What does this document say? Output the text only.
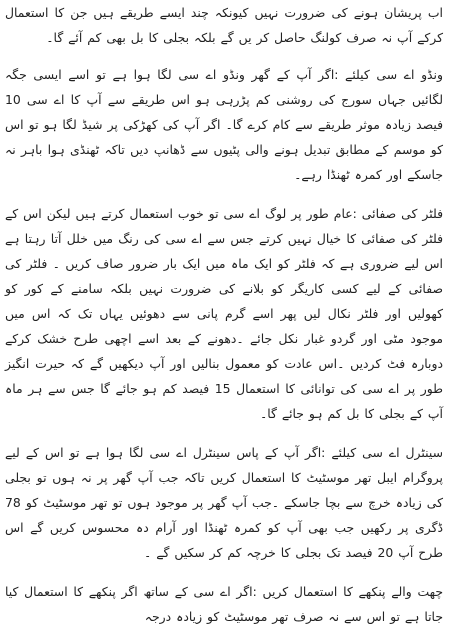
اب پریشان ہونے کی ضرورت نہیں کیونکہ چند ایسے طریقے ہیں جن کا استعمال کرکے آپ نہ صرف کولنگ حاصل کر یں گے بلکہ بجلی کا بل بھی کم آئے گا۔

ونڈو اے سی کیلئے :اگر آپ کے گھر ونڈو اے سی لگا ہوا ہے تو اسے ایسی جگہ لگائیں جہاں سورج کی روشنی کم پڑرہی ہو اس طریقے سے آپ کا اے سی 10 فیصد زیادہ موثر طریقے سے کام کرے گا۔ اگر آپ کی کھڑکی پر شیڈ لگا ہو تو اس کو موسم کے مطابق تبدیل ہونے والی پٹیوں سے ڈھانپ دیں تاکہ ٹھنڈی ہوا باہر نہ جاسکے اور کمرہ ٹھنڈا رہے۔

فلٹر کی صفائی :عام طور پر لوگ اے سی تو خوب استعمال کرتے ہیں لیکن اس کے فلٹر کی صفائی کا خیال نہیں کرتے جس سے اے سی کی رنگ میں خلل آتا رہتا ہے اس لیے ضروری ہے کہ فلٹر کو ایک ماہ میں ایک بار ضرور صاف کریں ۔ فلٹر کی صفائی کے لیے کسی کاریگر کو بلانے کی ضرورت نہیں بلکہ سامنے کے کور کو کھولیں اور فلٹر نکال لیں پھر اسے گرم پانی سے دھوئیں یہاں تک کہ اس میں موجود مٹی اور گردو غبار نکل جائے ۔دھونے کے بعد اسے اچھی طرح خشک کرکے دوبارہ فٹ کردیں ۔اس عادت کو معمول بنالیں اور آپ دیکھیں گے کہ حیرت انگیز طور پر اے سی کی توانائی کا استعمال 15 فیصد کم ہو جائے گا جس سے ہر ماہ آپ کے بجلی کا بل کم ہو جائے گا۔

سینٹرل اے سی کیلئے :اگر آپ کے پاس سینٹرل اے سی لگا ہوا ہے تو اس کے لیے پروگرام ایبل تھر موسٹیٹ کا استعمال کریں تاکہ جب آپ گھر پر نہ ہوں تو بجلی کی زیادہ خرچ سے بچا جاسکے ۔جب آپ گھر پر موجود ہوں تو تھر موسٹیٹ کو 78 ڈگری پر رکھیں جب بھی آپ کو کمرہ ٹھنڈا اور آرام دہ محسوس کریں گے اس طرح آپ 20 فیصد تک بجلی کا خرچہ کم کر سکیں گے ۔

چھت والے پنکھے کا استعمال کریں :اگر اے سی کے ساتھ اگر پنکھے کا استعمال کیا جاتا ہے تو اس سے نہ صرف تھر موسٹیٹ کو زیادہ درجہ
